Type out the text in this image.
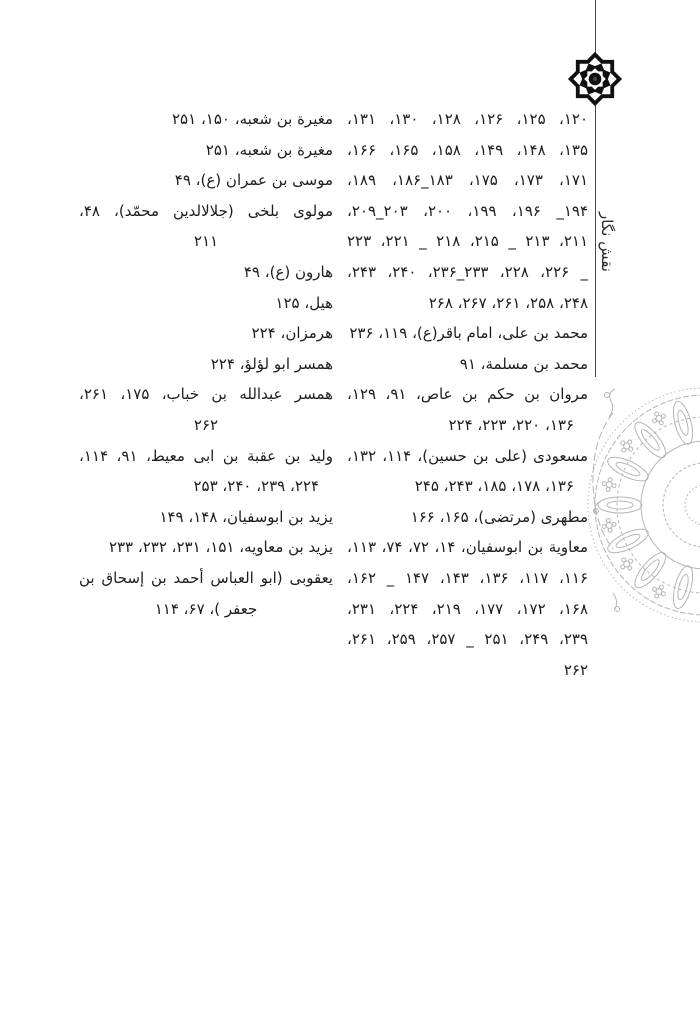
نقش نگار
۱۲۰، ۱۲۵، ۱۲۶، ۱۲۸، ۱۳۰، ۱۳۱،
۱۳۵، ۱۴۸، ۱۴۹، ۱۵۸، ۱۶۵، ۱۶۶،
۱۷۱، ۱۷۳، ۱۷۵، ۱۸۳_۱۸۶، ۱۸۹،
۱۹۴_ ۱۹۶، ۱۹۹، ۲۰۰، ۲۰۳_۲۰۹،
۲۱۱، ۲۱۳ _ ۲۱۵، ۲۱۸ _ ۲۲۱، ۲۲۳
_ ۲۲۶، ۲۲۸، ۲۳۳_۲۳۶، ۲۴۰، ۲۴۳،
۲۴۸، ۲۵۸، ۲۶۱، ۲۶۷، ۲۶۸
محمد بن علی، امام باقر(ع)، ۱۱۹، ۲۳۶
محمد بن مسلمة، ۹۱
مروان بن حکم بن عاص، ۹۱، ۱۲۹،
۱۳۶، ۲۲۰، ۲۲۳، ۲۲۴
مسعودی (علی بن حسین)، ۱۱۴، ۱۳۲،
۱۳۶، ۱۷۸، ۱۸۵، ۲۴۳، ۲۴۵
مطهری (مرتضی)، ۱۶۵، ۱۶۶
معاویة بن ابوسفیان، ۱۴، ۷۲، ۷۴، ۱۱۳،
۱۱۶، ۱۱۷، ۱۳۶، ۱۴۳، ۱۴۷ _ ۱۶۲،
۱۶۸، ۱۷۲، ۱۷۷، ۲۱۹، ۲۲۴، ۲۳۱،
۲۳۹، ۲۴۹، ۲۵۱ _ ۲۵۷، ۲۵۹، ۲۶۱،
۲۶۲
مغيرة بن شعبه، ۱۵۰، ۲۵۱
مغيرة بن شعبه، ۲۵۱
موسی بن عمران (ع)، ۴۹
مولوی بلخی (جلالالدین محمّد)، ۴۸،
۲۱۱
هارون (ع)، ۴۹
هیل، ۱۲۵
هرمزان، ۲۲۴
همسر ابو لؤلؤ، ۲۲۴
همسر عبدالله بن خباب، ۱۷۵، ۲۶۱،
۲۶۲
ولید بن عقبة بن ابی معیط، ۹۱، ۱۱۴،
۲۲۴، ۲۳۹، ۲۴۰، ۲۵۳
یزید بن ابوسفیان، ۱۴۸، ۱۴۹
یزید بن معاویه، ۱۵۱، ۲۳۱، ۲۳۲، ۲۳۳
یعقوبی (ابو العباس أحمد بن إسحاق بن
جعفر )، ۶۷، ۱۱۴
